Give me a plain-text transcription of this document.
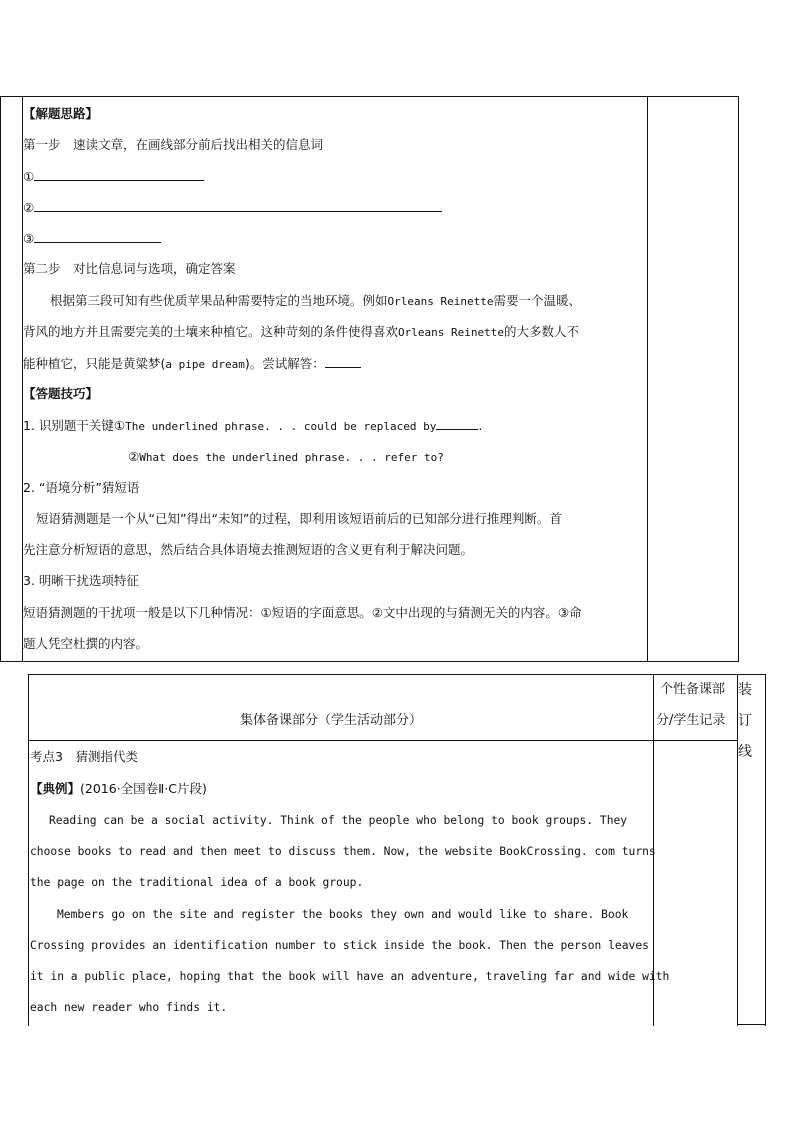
【解题思路】
第一步　速读文章，在画线部分前后找出相关的信息词
①
②
③
第二步　对比信息词与选项，确定答案
根据第三段可知有些优质苹果品种需要特定的当地环境。例如Orleans Reinette需要一个温暖、
背风的地方并且需要完美的土壤来种植它。这种苛刻的条件使得喜欢Orleans Reinette的大多数人不
能种植它，只能是黄粱梦(a pipe dream)。尝试解答：
【答题技巧】
1. 识别题干关键①The underlined phrase. . . could be replaced by	.
②What does the underlined phrase. . . refer to?
2. “语境分析”猜短语
短语猜测题是一个从“已知”得出“未知”的过程，即利用该短语前后的已知部分进行推理判断。首
先注意分析短语的意思，然后结合具体语境去推测短语的含义更有利于解决问题。
3. 明晰干扰选项特征
短语猜测题的干扰项一般是以下几种情况：①短语的字面意思。②文中出现的与猜测无关的内容。③命
题人凭空杜撰的内容。
集体备课部分（学生活动部分）
个性备课部
分/学生记录
装
订
线
考点3　猜测指代类
【典例】(2016·全国卷Ⅱ·C片段)
Reading can be a social activity. Think of the people who belong to book groups. They
choose books to read and then meet to discuss them. Now, the website BookCrossing. com turns
the page on the traditional idea of a book group.
Members go on the site and register the books they own and would like to share. Book
Crossing provides an identification number to stick inside the book. Then the person leaves
it in a public place, hoping that the book will have an adventure, traveling far and wide with
each new reader who finds it.
